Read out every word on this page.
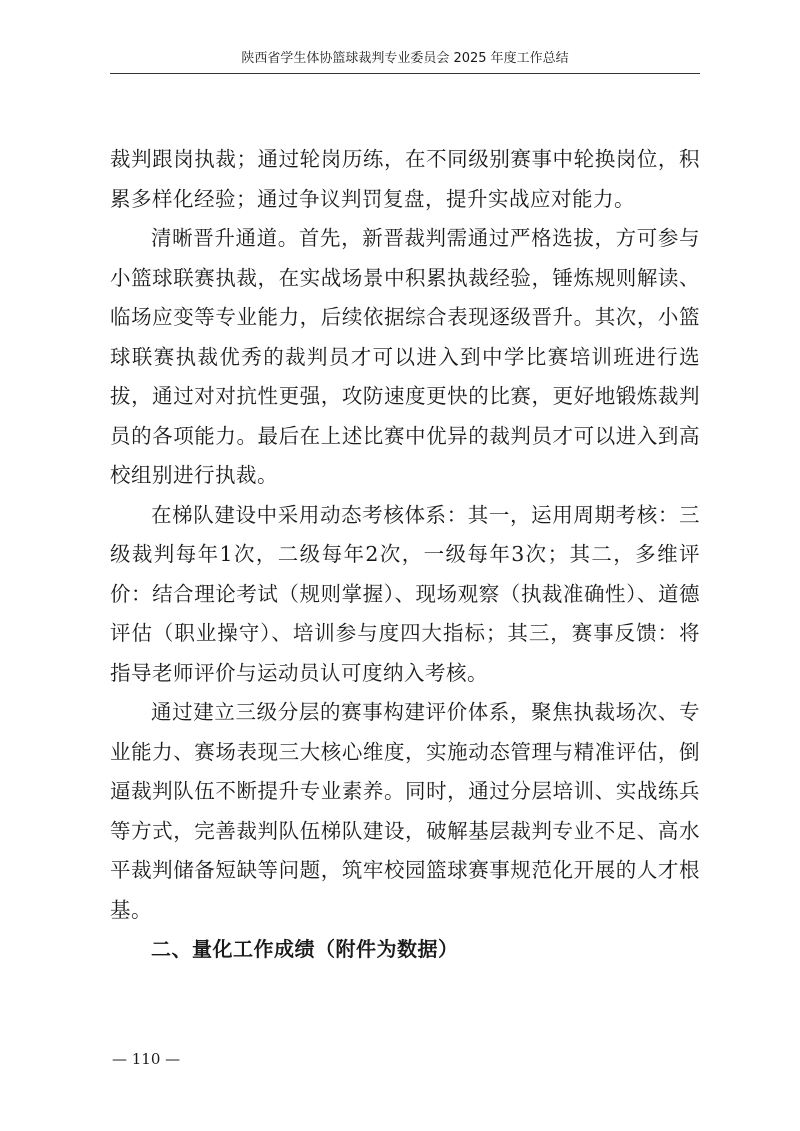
陕西省学生体协篮球裁判专业委员会 2025 年度工作总结

裁判跟岗执裁；通过轮岗历练，在不同级别赛事中轮换岗位，积累多样化经验；通过争议判罚复盘，提升实战应对能力。

清晰晋升通道。首先，新晋裁判需通过严格选拔，方可参与小篮球联赛执裁，在实战场景中积累执裁经验，锤炼规则解读、临场应变等专业能力，后续依据综合表现逐级晋升。其次，小篮球联赛执裁优秀的裁判员才可以进入到中学比赛培训班进行选拔，通过对对抗性更强，攻防速度更快的比赛，更好地锻炼裁判员的各项能力。最后在上述比赛中优异的裁判员才可以进入到高校组别进行执裁。

在梯队建设中采用动态考核体系：其一，运用周期考核：三级裁判每年1次，二级每年2次，一级每年3次；其二，多维评价：结合理论考试（规则掌握）、现场观察（执裁准确性）、道德评估（职业操守）、培训参与度四大指标；其三，赛事反馈：将指导老师评价与运动员认可度纳入考核。

通过建立三级分层的赛事构建评价体系，聚焦执裁场次、专业能力、赛场表现三大核心维度，实施动态管理与精准评估，倒逼裁判队伍不断提升专业素养。同时，通过分层培训、实战练兵等方式，完善裁判队伍梯队建设，破解基层裁判专业不足、高水平裁判储备短缺等问题，筑牢校园篮球赛事规范化开展的人才根基。

二、量化工作成绩（附件为数据）

— 110 —
